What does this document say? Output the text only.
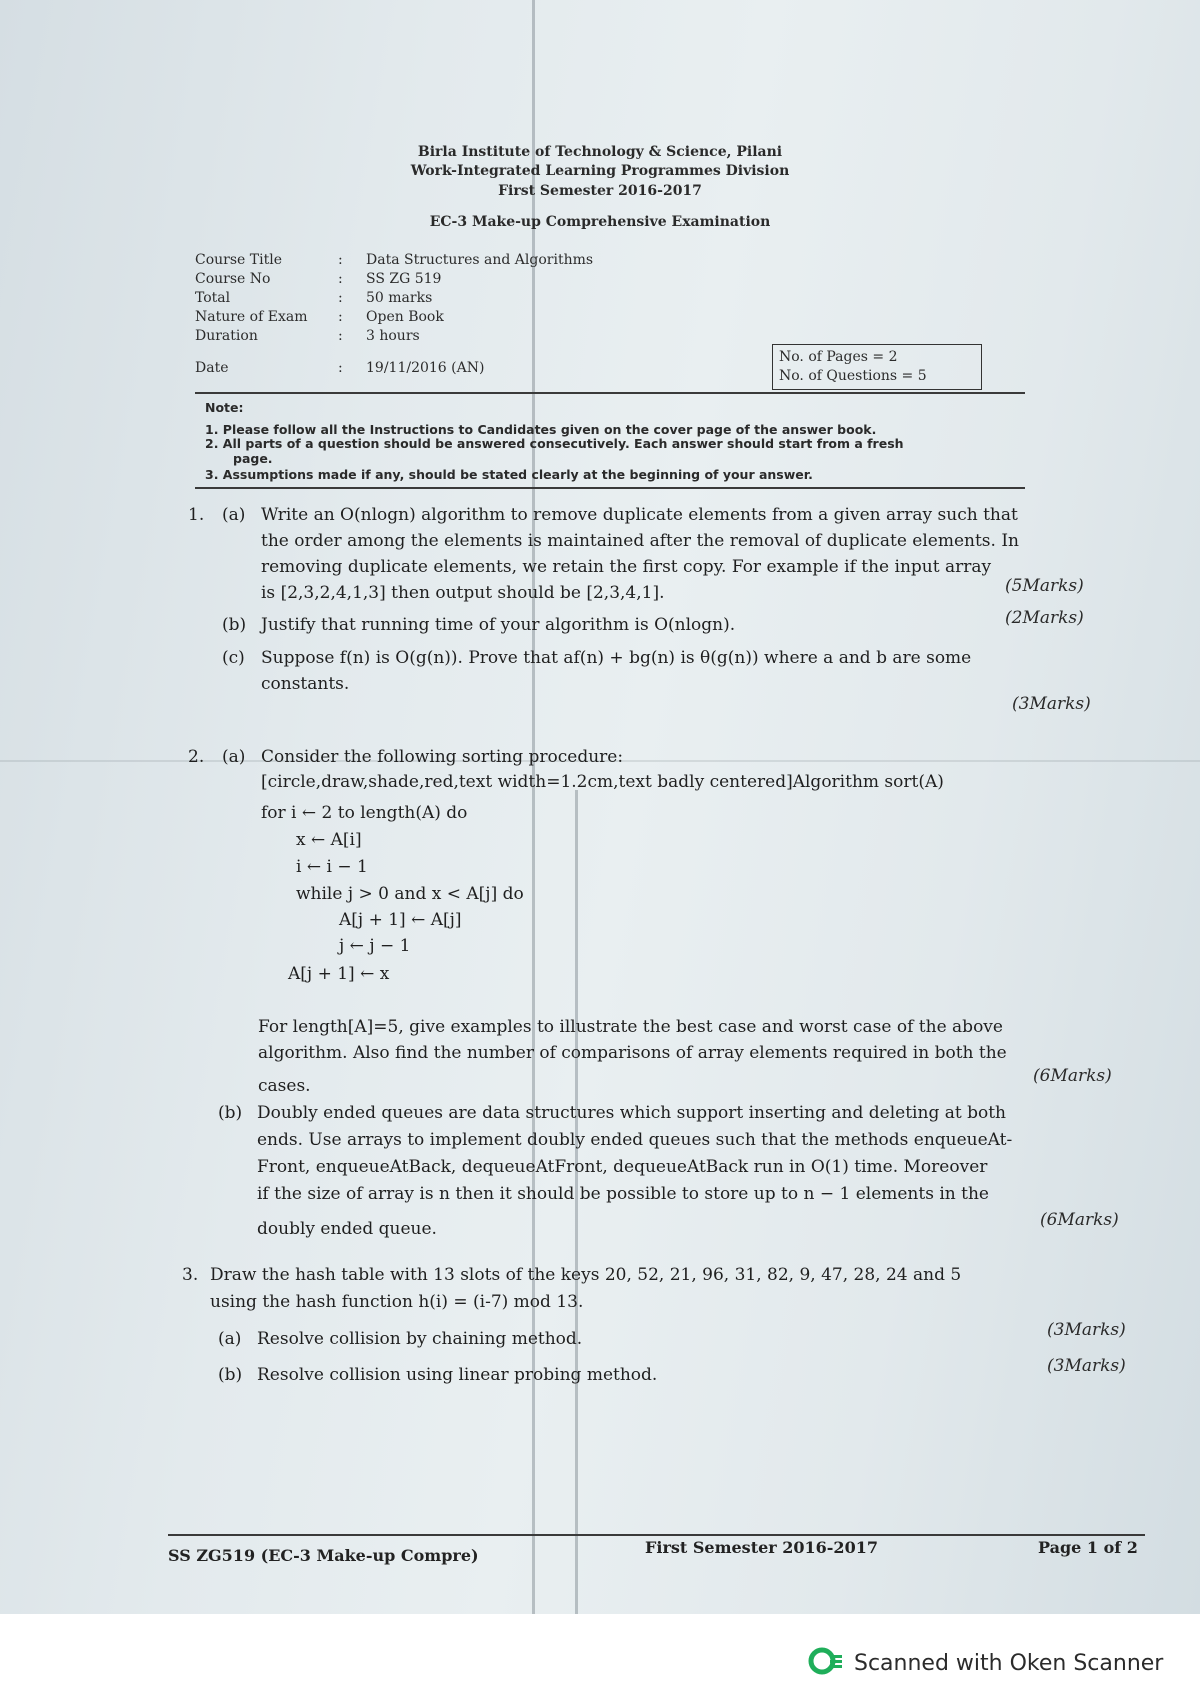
Birla Institute of Technology & Science, Pilani
Work-Integrated Learning Programmes Division
First Semester 2016-2017
EC-3 Make-up Comprehensive Examination
Course Title	: Data Structures and Algorithms
Course No	: SS ZG 519
Total	: 50 marks
Nature of Exam : Open Book
Duration	: 3 hours
Date	: 19/11/2016 (AN)
No. of Pages = 2
No. of Questions = 5
Note:
1. Please follow all the Instructions to Candidates given on the cover page of the answer book.
2. All parts of a question should be answered consecutively. Each answer should start from a fresh
page.
3. Assumptions made if any, should be stated clearly at the beginning of your answer.
1. (a) Write an O(nlogn) algorithm to remove duplicate elements from a given array such that
the order among the elements is maintained after the removal of duplicate elements. In
removing duplicate elements, we retain the first copy. For example if the input array
is [2,3,2,4,1,3] then output should be [2,3,4,1].	(5Marks)
(b) Justify that running time of your algorithm is O(nlogn).	(2Marks)
(c) Suppose f(n) is O(g(n)). Prove that af(n) + bg(n) is θ(g(n)) where a and b are some
constants.
(3Marks)
2. (a) Consider the following sorting procedure:
[circle,draw,shade,red,text width=1.2cm,text badly centered]Algorithm sort(A)
for i ← 2 to length(A) do
x ← A[i]
i ← i − 1
while j > 0 and x < A[j] do
A[j + 1] ← A[j]
j ← j − 1
A[j + 1] ← x
For length[A]=5, give examples to illustrate the best case and worst case of the above
algorithm. Also find the number of comparisons of array elements required in both the
cases.	(6Marks)
(b) Doubly ended queues are data structures which support inserting and deleting at both
ends. Use arrays to implement doubly ended queues such that the methods enqueueAt-
Front, enqueueAtBack, dequeueAtFront, dequeueAtBack run in O(1) time. Moreover
if the size of array is n then it should be possible to store up to n − 1 elements in the
doubly ended queue.	(6Marks)
3. Draw the hash table with 13 slots of the keys 20, 52, 21, 96, 31, 82, 9, 47, 28, 24 and 5
using the hash function h(i) = (i-7) mod 13.
(a) Resolve collision by chaining method.	(3Marks)
(b) Resolve collision using linear probing method.	(3Marks)
SS ZG519 (EC-3 Make-up Compre)	First Semester 2016-2017	Page 1 of 2
Scanned with Oken Scanner
